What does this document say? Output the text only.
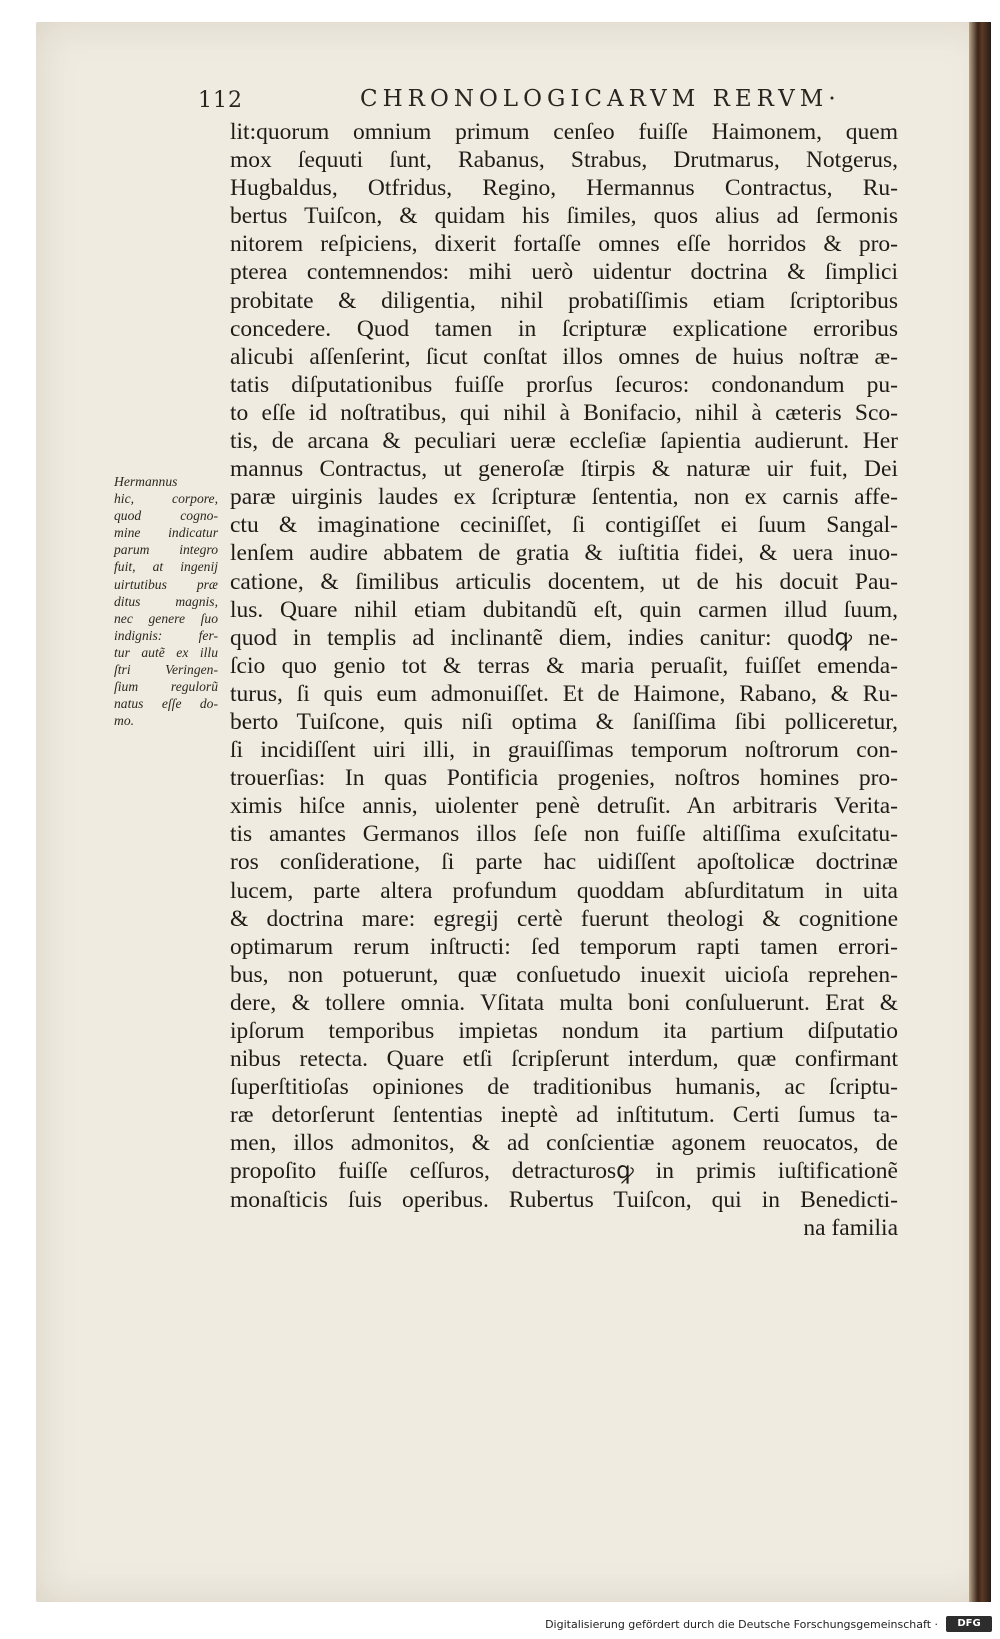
112	CHRONOLOGICARVM RERVM·
Hermannus
hic, corpore,
quod cogno-
mine indicatur
parum integro
fuit, at ingenij
uirtutibus præ
ditus magnis,
nec genere ſuo
indignis: fer-
tur autẽ ex illu
ſtri Veringen-
ſium regulorũ
natus eſſe do-
mo.
lit:quorum omnium primum cenſeo fuiſſe Haimonem, quem
mox ſequuti ſunt, Rabanus, Strabus, Drutmarus, Notgerus,
Hugbaldus, Otfridus, Regino, Hermannus Contractus, Ru-
bertus Tuiſcon, & quidam his ſimiles, quos alius ad ſermonis
nitorem reſpiciens, dixerit fortaſſe omnes eſſe horridos & pro-
pterea contemnendos: mihi uerò uidentur doctrina & ſimplici
probitate & diligentia, nihil probatiſſimis etiam ſcriptoribus
concedere. Quod tamen in ſcripturæ explicatione erroribus
alicubi aſſenſerint, ſicut conſtat illos omnes de huius noſtræ æ-
tatis diſputationibus fuiſſe prorſus ſecuros: condonandum pu-
to eſſe id noſtratibus, qui nihil à Bonifacio, nihil à cæteris Sco-
tis, de arcana & peculiari ueræ eccleſiæ ſapientia audierunt. Her
mannus Contractus, ut generoſæ ſtirpis & naturæ uir fuit, Dei
paræ uirginis laudes ex ſcripturæ ſententia, non ex carnis affe-
ctu & imaginatione ceciniſſet, ſi contigiſſet ei ſuum Sangal-
lenſem audire abbatem de gratia & iuſtitia fidei, & uera inuo-
catione, & ſimilibus articulis docentem, ut de his docuit Pau-
lus. Quare nihil etiam dubitandũ eſt, quin carmen illud ſuum,
quod in templis ad inclinantẽ diem, indies canitur: quodꝙ ne-
ſcio quo genio tot & terras & maria peruaſit, fuiſſet emenda-
turus, ſi quis eum admonuiſſet. Et de Haimone, Rabano, & Ru-
berto Tuiſcone, quis niſi optima & ſaniſſima ſibi polliceretur,
ſi incidiſſent uiri illi, in grauiſſimas temporum noſtrorum con-
trouerſias: In quas Pontificia progenies, noſtros homines pro-
ximis hiſce annis, uiolenter penè detruſit. An arbitraris Verita-
tis amantes Germanos illos ſeſe non fuiſſe altiſſima exuſcitatu-
ros conſideratione, ſi parte hac uidiſſent apoſtolicæ doctrinæ
lucem, parte altera profundum quoddam abſurditatum in uita
& doctrina mare: egregij certè fuerunt theologi & cognitione
optimarum rerum inſtructi: ſed temporum rapti tamen errori-
bus, non potuerunt, quæ conſuetudo inuexit uicioſa reprehen-
dere, & tollere omnia. Vſitata multa boni conſuluerunt. Erat &
ipſorum temporibus impietas nondum ita partium diſputatio
nibus retecta. Quare etſi ſcripſerunt interdum, quæ confirmant
ſuperſtitioſas opiniones de traditionibus humanis, ac ſcriptu-
ræ detorſerunt ſententias ineptè ad inſtitutum. Certi ſumus ta-
men, illos admonitos, & ad conſcientiæ agonem reuocatos, de
propoſito fuiſſe ceſſuros, detracturosꝙ in primis iuſtificationẽ
monaſticis ſuis operibus. Rubertus Tuiſcon, qui in Benedicti-
na familia
Digitalisierung gefördert durch die Deutsche Forschungsgemeinschaft ·	DFG
